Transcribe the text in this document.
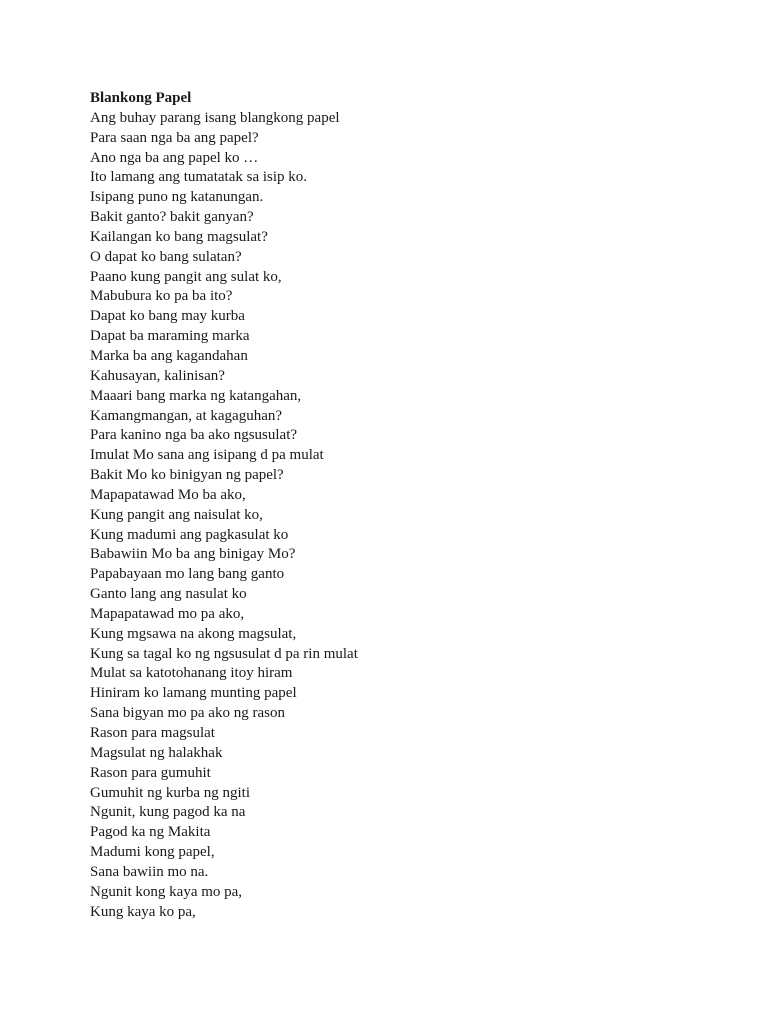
Blankong Papel
Ang buhay parang isang blangkong papel
Para saan nga ba ang papel?
Ano nga ba ang papel ko …
Ito lamang ang tumatatak sa isip ko.
Isipang puno ng katanungan.
Bakit ganto? bakit ganyan?
Kailangan ko bang magsulat?
O dapat ko bang sulatan?
Paano kung pangit ang sulat ko,
Mabubura ko pa ba ito?
Dapat ko bang may kurba
Dapat ba maraming marka
Marka ba ang kagandahan
Kahusayan, kalinisan?
Maaari bang marka ng katangahan,
Kamangmangan, at kagaguhan?
Para kanino nga ba ako ngsusulat?
Imulat Mo sana ang isipang d pa mulat
Bakit Mo ko binigyan ng papel?
Mapapatawad Mo ba ako,
Kung pangit ang naisulat ko,
Kung madumi ang pagkasulat ko
Babawiin Mo ba ang binigay Mo?
Papabayaan mo lang bang ganto
Ganto lang ang nasulat ko
Mapapatawad mo pa ako,
Kung mgsawa na akong magsulat,
Kung sa tagal ko ng ngsusulat d pa rin mulat
Mulat sa katotohanang itoy hiram
Hiniram ko lamang munting papel
Sana bigyan mo pa ako ng rason
Rason para magsulat
Magsulat ng halakhak
Rason para gumuhit
Gumuhit ng kurba ng ngiti
Ngunit, kung pagod ka na
Pagod ka ng Makita
Madumi kong papel,
Sana bawiin mo na.
Ngunit kong kaya mo pa,
Kung kaya ko pa,
